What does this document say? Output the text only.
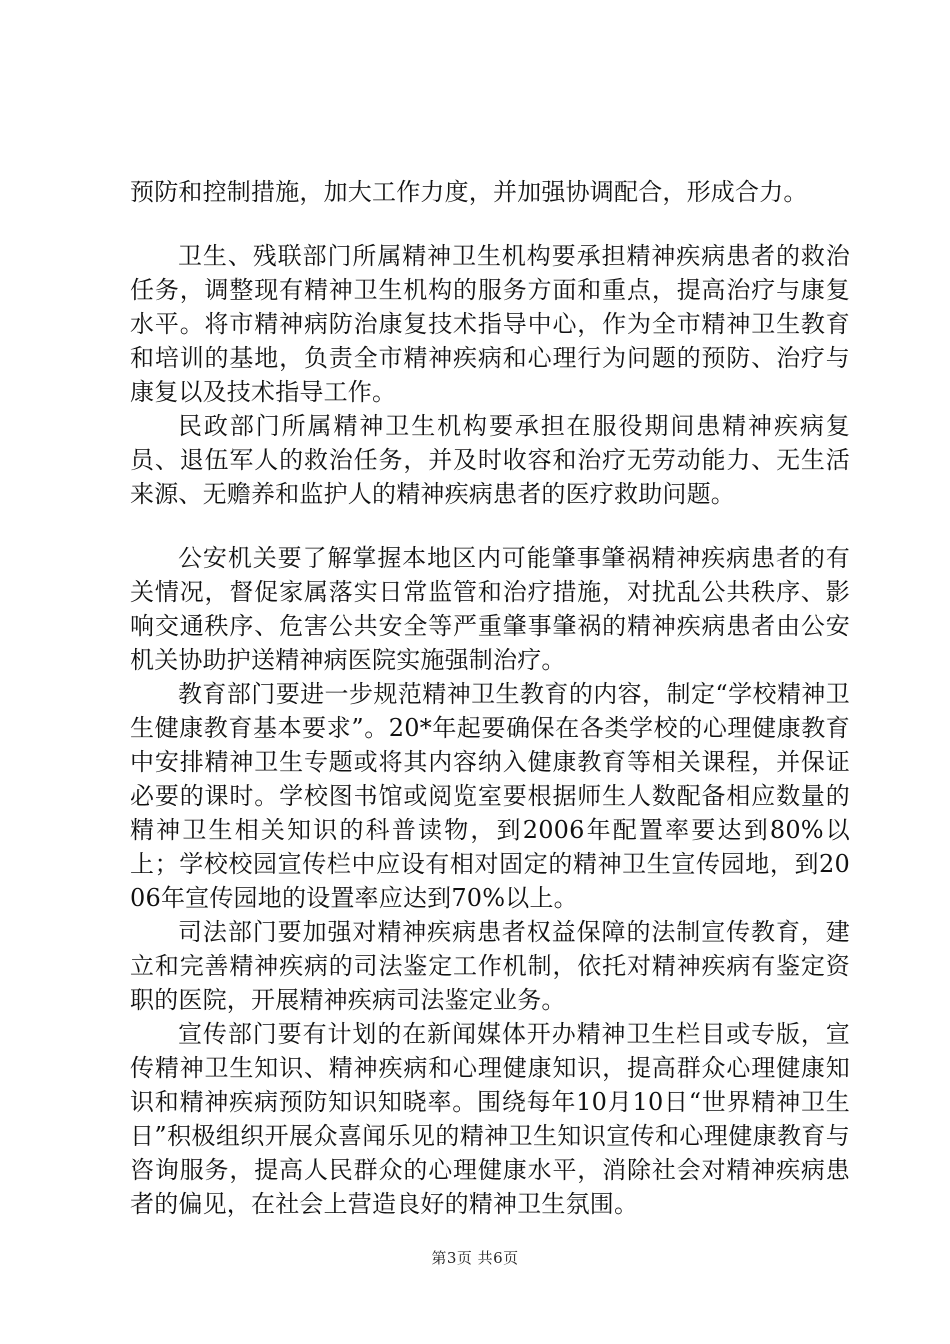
预防和控制措施，加大工作力度，并加强协调配合，形成合力。

卫生、残联部门所属精神卫生机构要承担精神疾病患者的救治任务，调整现有精神卫生机构的服务方面和重点，提高治疗与康复水平。将市精神病防治康复技术指导中心，作为全市精神卫生教育和培训的基地，负责全市精神疾病和心理行为问题的预防、治疗与康复以及技术指导工作。

民政部门所属精神卫生机构要承担在服役期间患精神疾病复员、退伍军人的救治任务，并及时收容和治疗无劳动能力、无生活来源、无赡养和监护人的精神疾病患者的医疗救助问题。

公安机关要了解掌握本地区内可能肇事肇祸精神疾病患者的有关情况，督促家属落实日常监管和治疗措施，对扰乱公共秩序、影响交通秩序、危害公共安全等严重肇事肇祸的精神疾病患者由公安机关协助护送精神病医院实施强制治疗。

教育部门要进一步规范精神卫生教育的内容，制定“学校精神卫生健康教育基本要求”。20*年起要确保在各类学校的心理健康教育中安排精神卫生专题或将其内容纳入健康教育等相关课程，并保证必要的课时。学校图书馆或阅览室要根据师生人数配备相应数量的精神卫生相关知识的科普读物，到2006年配置率要达到80%以上；学校校园宣传栏中应设有相对固定的精神卫生宣传园地，到2006年宣传园地的设置率应达到70%以上。

司法部门要加强对精神疾病患者权益保障的法制宣传教育，建立和完善精神疾病的司法鉴定工作机制，依托对精神疾病有鉴定资职的医院，开展精神疾病司法鉴定业务。

宣传部门要有计划的在新闻媒体开办精神卫生栏目或专版，宣传精神卫生知识、精神疾病和心理健康知识，提高群众心理健康知识和精神疾病预防知识知晓率。围绕每年10月10日“世界精神卫生日”积极组织开展众喜闻乐见的精神卫生知识宣传和心理健康教育与咨询服务，提高人民群众的心理健康水平，消除社会对精神疾病患者的偏见，在社会上营造良好的精神卫生氛围。

第3页 共6页
